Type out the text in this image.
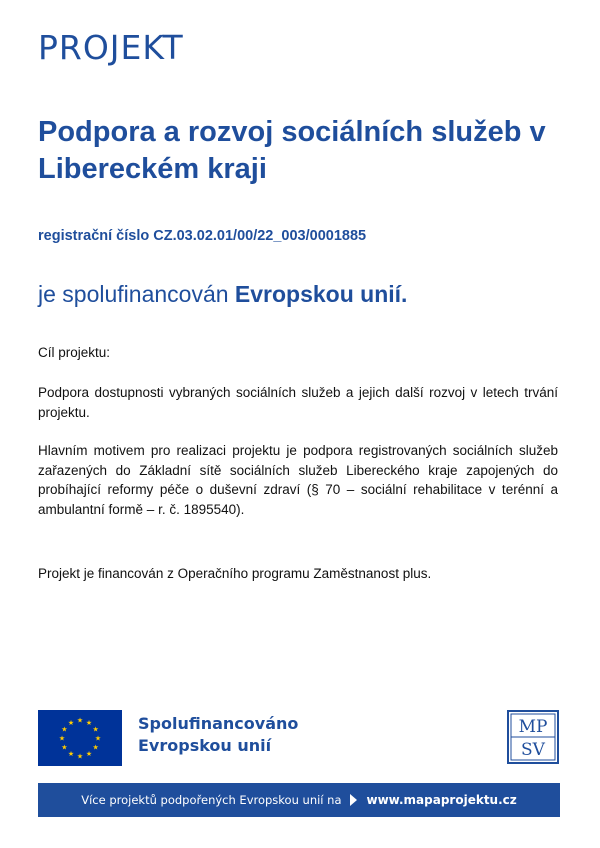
PROJEKT
Podpora a rozvoj sociálních služeb v Libereckém kraji
registrační číslo CZ.03.02.01/00/22_003/0001885
je spolufinancován Evropskou unií.
Cíl projektu:
Podpora dostupnosti vybraných sociálních služeb a jejich další rozvoj v letech trvání projektu.
Hlavním motivem pro realizaci projektu je podpora registrovaných sociálních služeb zařazených do Základní sítě sociálních služeb Libereckého kraje zapojených do probíhající reformy péče o duševní zdraví (§ 70 – sociální rehabilitace v terénní a ambulantní formě – r. č. 1895540).
Projekt je financován z Operačního programu Zaměstnanost plus.
★ ★
★
★
★
★
★
★
★
★
★
★	Spolufinancováno
Evropskou unií
MP
SV
Více projektů podpořených Evropskou unií na www.mapaprojektu.cz
